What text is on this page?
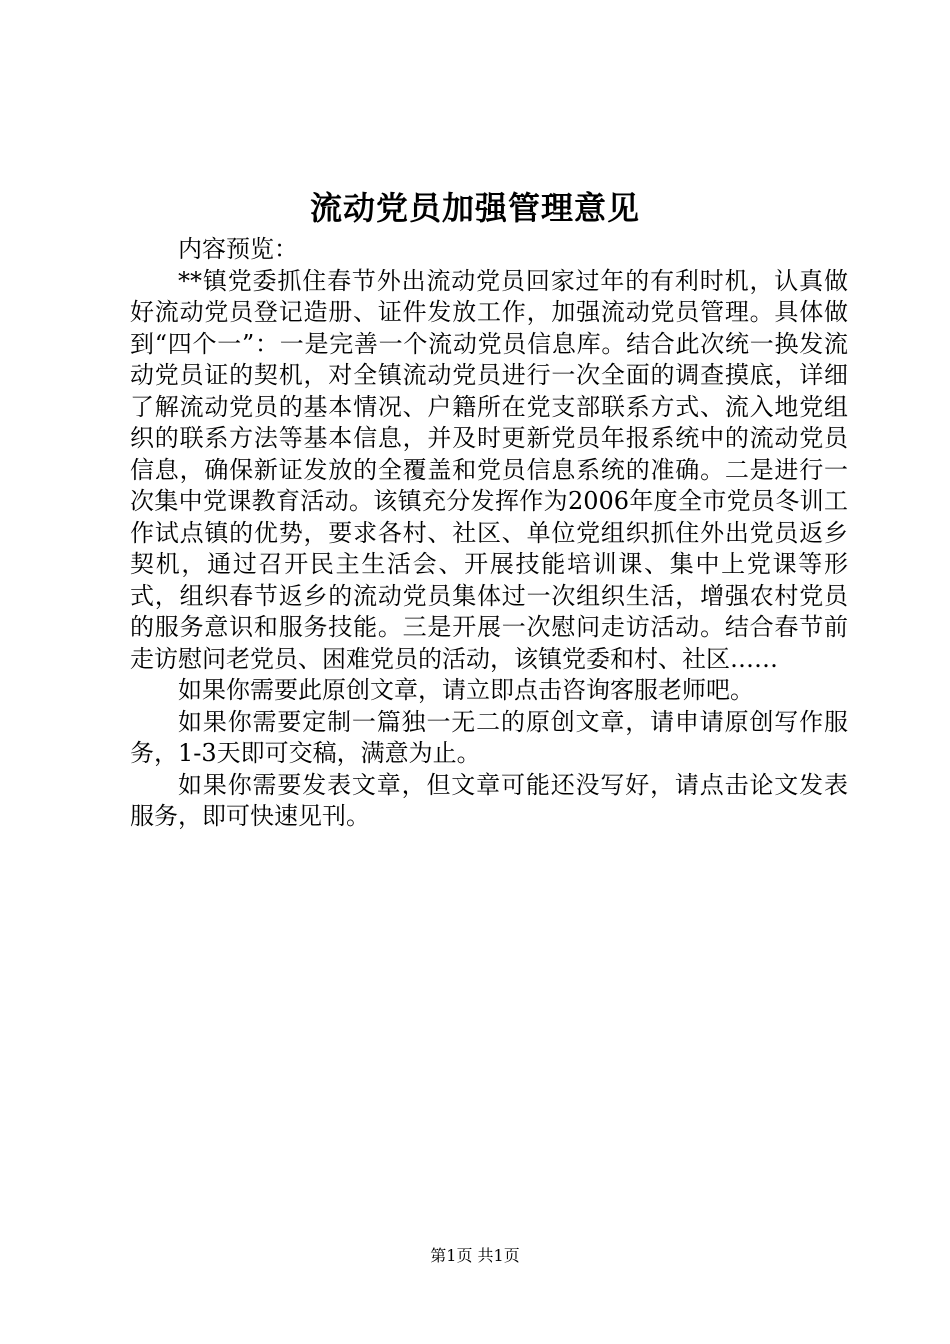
流动党员加强管理意见

内容预览：

**镇党委抓住春节外出流动党员回家过年的有利时机，认真做好流动党员登记造册、证件发放工作，加强流动党员管理。具体做到“四个一”：一是完善一个流动党员信息库。结合此次统一换发流动党员证的契机，对全镇流动党员进行一次全面的调查摸底，详细了解流动党员的基本情况、户籍所在党支部联系方式、流入地党组织的联系方法等基本信息，并及时更新党员年报系统中的流动党员信息，确保新证发放的全覆盖和党员信息系统的准确。二是进行一次集中党课教育活动。该镇充分发挥作为2006年度全市党员冬训工作试点镇的优势，要求各村、社区、单位党组织抓住外出党员返乡契机，通过召开民主生活会、开展技能培训课、集中上党课等形式，组织春节返乡的流动党员集体过一次组织生活，增强农村党员的服务意识和服务技能。三是开展一次慰问走访活动。结合春节前走访慰问老党员、困难党员的活动，该镇党委和村、社区……

如果你需要此原创文章，请立即点击咨询客服老师吧。

如果你需要定制一篇独一无二的原创文章，请申请原创写作服务，1-3天即可交稿，满意为止。

如果你需要发表文章，但文章可能还没写好，请点击论文发表服务，即可快速见刊。

第1页 共1页
